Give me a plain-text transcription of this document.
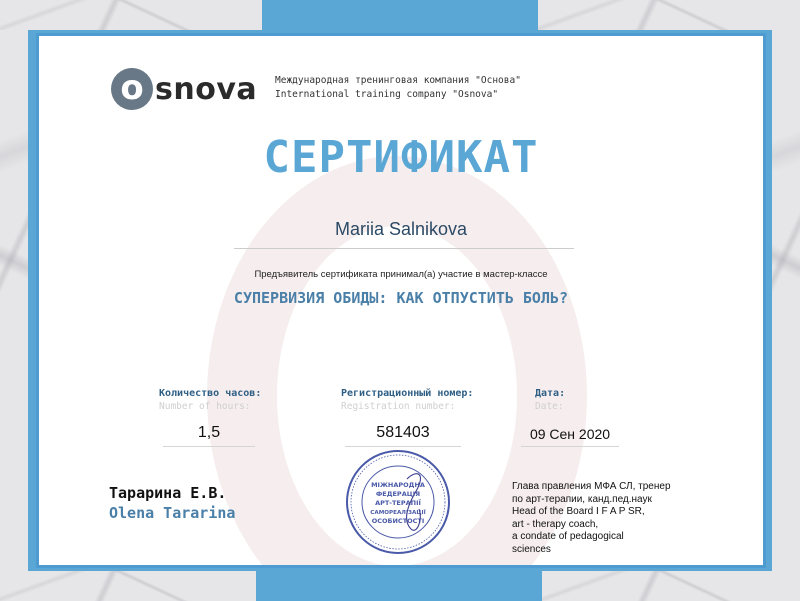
o snova Международная тренинговая компания "Основа"
International training company "Osnova"
СЕРТИФИКАТ
Mariia Salnikova
Предъявитель сертификата принимал(а) участие в мастер-классе
СУПЕРВИЗИЯ ОБИДЫ: КАК ОТПУСТИТЬ БОЛЬ?
Количество часов:
Number of hours:
1,5
Регистрационный номер:
Registration number:
581403
Дата:
Date:
09 Сен 2020
Тарарина Е.В.
Olena Tararina
МІЖНАРОДНА
ФЕДЕРАЦІЯ
АРТ-ТЕРАПІЇ
САМОРЕАЛІЗАЦІЇ
ОСОБИСТОСТІ
Глава правления МФА СЛ, тренер
по арт-терапии, канд.пед.наук
Head of the Board I F A P SR,
art - therapy coach,
a condate of pedagogical
sciences
